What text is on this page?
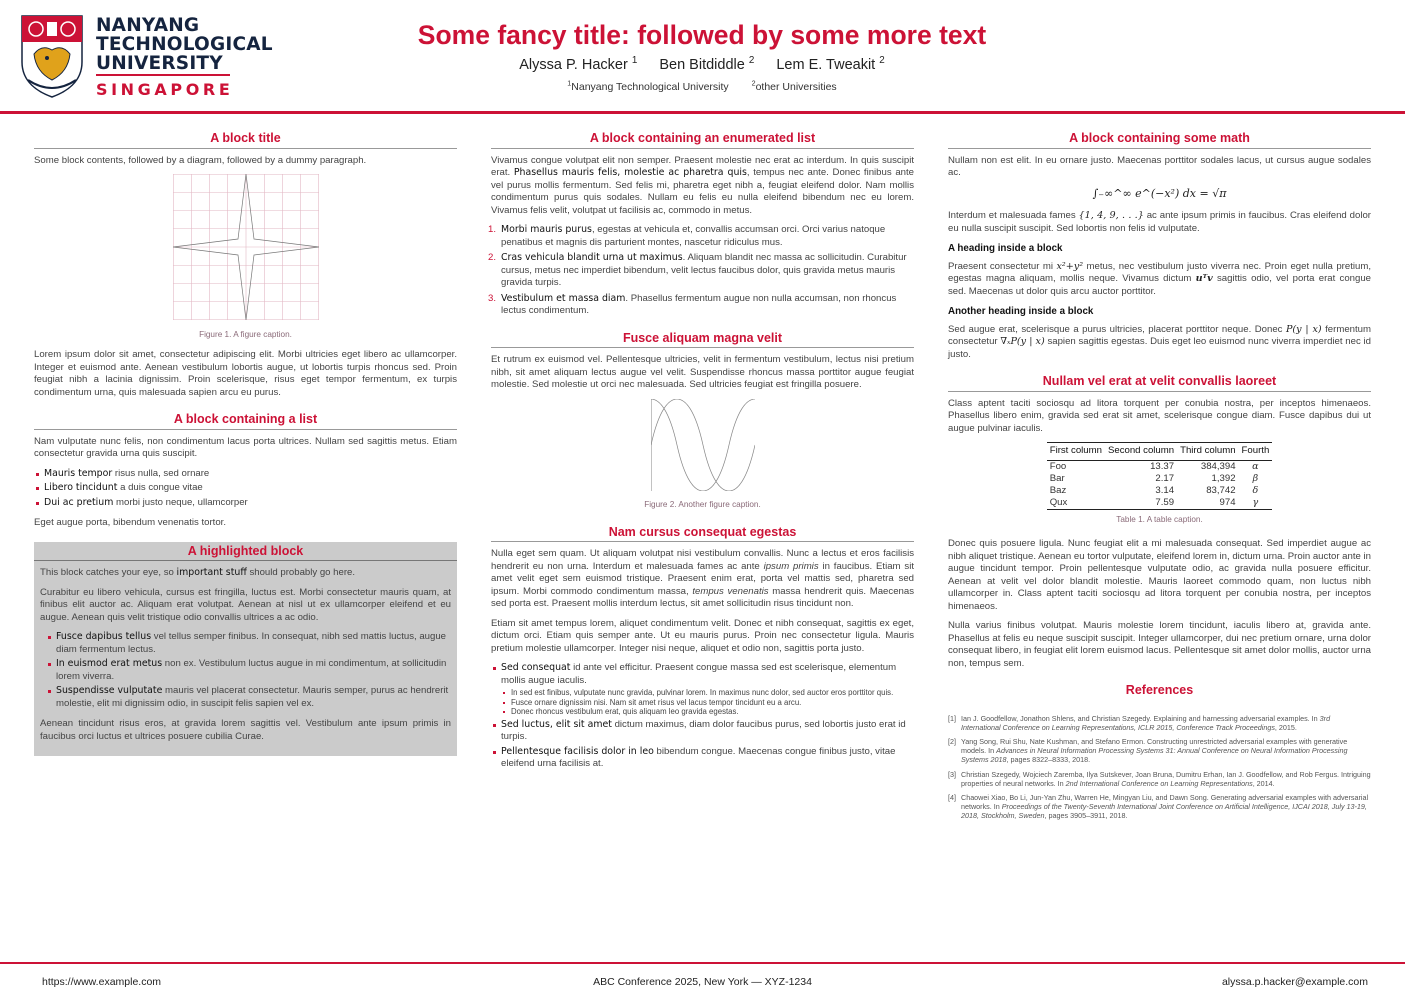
NANYANG
TECHNOLOGICAL
UNIVERSITY
SINGAPORE
Some fancy title: followed by some more text
Alyssa P. Hacker $^1$ Ben Bitdiddle $^2$ Lem E. Tweakit $^2$
$^1$Nanyang Technological University	$^2$other Universities
A block title

Some block contents, followed by a diagram, followed by a dummy paragraph.

Figure 1. A figure caption.

Lorem ipsum dolor sit amet, consectetur adipiscing elit. Morbi ultricies eget libero ac ullamcorper. Integer et euismod ante. Aenean vestibulum lobortis augue, ut lobortis turpis rhoncus sed. Proin feugiat nibh a lacinia dignissim. Proin scelerisque, risus eget tempor fermentum, ex turpis condimentum urna, quis malesuada sapien arcu eu purus.

A block containing a list

Nam vulputate nunc felis, non condimentum lacus porta ultrices. Nullam sed sagittis metus. Etiam consectetur gravida urna quis suscipit.

Mauris tempor risus nulla, sed ornare
Libero tincidunt a duis congue vitae
Dui ac pretium morbi justo neque, ullamcorper

Eget augue porta, bibendum venenatis tortor.

A highlighted block

This block catches your eye, so important stuff should probably go here.

Curabitur eu libero vehicula, cursus est fringilla, luctus est. Morbi consectetur mauris quam, at finibus elit auctor ac. Aliquam erat volutpat. Aenean at nisl ut ex ullamcorper eleifend et eu augue. Aenean quis velit tristique odio convallis ultrices a ac odio.

Fusce dapibus tellus vel tellus semper finibus. In consequat, nibh sed mattis luctus, augue diam fermentum lectus.
In euismod erat metus non ex. Vestibulum luctus augue in mi condimentum, at sollicitudin lorem viverra.
Suspendisse vulputate mauris vel placerat consectetur. Mauris semper, purus ac hendrerit molestie, elit mi dignissim odio, in suscipit felis sapien vel ex.

Aenean tincidunt risus eros, at gravida lorem sagittis vel. Vestibulum ante ipsum primis in faucibus orci luctus et ultrices posuere cubilia Curae.

A block containing an enumerated list

Vivamus congue volutpat elit non semper. Praesent molestie nec erat ac interdum. In quis suscipit erat. Phasellus mauris felis, molestie ac pharetra quis, tempus nec ante. Donec finibus ante vel purus mollis fermentum. Sed felis mi, pharetra eget nibh a, feugiat eleifend dolor. Nam mollis condimentum purus quis sodales. Nullam eu felis eu nulla eleifend bibendum nec eu lorem. Vivamus felis velit, volutpat ut facilisis ac, commodo in metus.

1. Morbi mauris purus, egestas at vehicula et, convallis accumsan orci. Orci varius natoque penatibus et magnis dis parturient montes, nascetur ridiculus mus.
2. Cras vehicula blandit urna ut maximus. Aliquam blandit nec massa ac sollicitudin. Curabitur cursus, metus nec imperdiet bibendum, velit lectus faucibus dolor, quis gravida metus mauris gravida turpis.
3. Vestibulum et massa diam. Phasellus fermentum augue non nulla accumsan, non rhoncus lectus condimentum.
Fusce aliquam magna velit

Et rutrum ex euismod vel. Pellentesque ultricies, velit in fermentum vestibulum, lectus nisi pretium nibh, sit amet aliquam lectus augue vel velit. Suspendisse rhoncus massa porttitor augue feugiat molestie. Sed molestie ut orci nec malesuada. Sed ultricies feugiat est fringilla posuere.

Figure 2. Another figure caption.
Nam cursus consequat egestas

Nulla eget sem quam. Ut aliquam volutpat nisi vestibulum convallis. Nunc a lectus et eros facilisis hendrerit eu non urna. Interdum et malesuada fames ac ante ipsum primis in faucibus. Etiam sit amet velit eget sem euismod tristique. Praesent enim erat, porta vel mattis sed, pharetra sed ipsum. Morbi commodo condimentum massa, tempus venenatis massa hendrerit quis. Maecenas sed porta est. Praesent mollis interdum lectus, sit amet sollicitudin risus tincidunt non.

Etiam sit amet tempus lorem, aliquet condimentum velit. Donec et nibh consequat, sagittis ex eget, dictum orci. Etiam quis semper ante. Ut eu mauris purus. Proin nec consectetur ligula. Mauris pretium molestie ullamcorper. Integer nisi neque, aliquet et odio non, sagittis porta justo.

Sed consequat id ante vel efficitur. Praesent congue massa sed est scelerisque, elementum mollis augue iaculis.
In sed est finibus, vulputate nunc gravida, pulvinar lorem. In maximus nunc dolor, sed auctor eros porttitor quis.
Fusce ornare dignissim nisi. Nam sit amet risus vel lacus tempor tincidunt eu a arcu.
Donec rhoncus vestibulum erat, quis aliquam leo gravida egestas.
Sed luctus, elit sit amet dictum maximus, diam dolor faucibus purus, sed lobortis justo erat id turpis.
Pellentesque facilisis dolor in leo bibendum congue. Maecenas congue finibus justo, vitae eleifend urna facilisis at.
A block containing some math

Nullam non est elit. In eu ornare justo. Maecenas porttitor sodales lacus, ut cursus augue sodales ac.

∫₋∞^∞ e^(−x²) dx = √π

Interdum et malesuada fames {1, 4, 9, . . .} ac ante ipsum primis in faucibus. Cras eleifend dolor eu nulla suscipit suscipit. Sed lobortis non felis id vulputate.

A heading inside a block

Praesent consectetur mi x²+y² metus, nec vestibulum justo viverra nec. Proin eget nulla pretium, egestas magna aliquam, mollis neque. Vivamus dictum uᵀv sagittis odio, vel porta erat congue sed. Maecenas ut dolor quis arcu auctor porttitor.

Another heading inside a block

Sed augue erat, scelerisque a purus ultricies, placerat porttitor neque. Donec P(y | x) fermentum consectetur ∇ₓP(y | x) sapien sagittis egestas. Duis eget leo euismod nunc viverra imperdiet nec id justo.

Nullam vel erat at velit convallis laoreet

Class aptent taciti sociosqu ad litora torquent per conubia nostra, per inceptos himenaeos. Phasellus libero enim, gravida sed erat sit amet, scelerisque congue diam. Fusce dapibus dui ut augue pulvinar iaculis.

First column	Second column	Third column	Fourth
Foo	13.37	384,394	α
Bar	2.17	1,392	β
Baz	3.14	83,742	δ
Qux	7.59	974	γ
Table 1. A table caption.

Donec quis posuere ligula. Nunc feugiat elit a mi malesuada consequat. Sed imperdiet augue ac nibh aliquet tristique. Aenean eu tortor vulputate, eleifend lorem in, dictum urna. Proin auctor ante in augue tincidunt tempor. Proin pellentesque vulputate odio, ac gravida nulla posuere efficitur. Aenean at velit vel dolor blandit molestie. Mauris laoreet commodo quam, non luctus nibh ullamcorper in. Class aptent taciti sociosqu ad litora torquent per conubia nostra, per inceptos himenaeos.

Nulla varius finibus volutpat. Mauris molestie lorem tincidunt, iaculis libero at, gravida ante. Phasellus at felis eu neque suscipit suscipit. Integer ullamcorper, dui nec pretium ornare, urna dolor consequat libero, in feugiat elit lorem euismod lacus. Pellentesque sit amet dolor mollis, auctor urna non, tempus sem.

References
[1] Ian J. Goodfellow, Jonathon Shlens, and Christian Szegedy. Explaining and harnessing adversarial examples. In 3rd International Conference on Learning Representations, ICLR 2015, Conference Track Proceedings, 2015.
[2] Yang Song, Rui Shu, Nate Kushman, and Stefano Ermon. Constructing unrestricted adversarial examples with generative models. In Advances in Neural Information Processing Systems 31: Annual Conference on Neural Information Processing Systems 2018, pages 8322–8333, 2018.
[3] Christian Szegedy, Wojciech Zaremba, Ilya Sutskever, Joan Bruna, Dumitru Erhan, Ian J. Goodfellow, and Rob Fergus. Intriguing properties of neural networks. In 2nd International Conference on Learning Representations, 2014.
[4] Chaowei Xiao, Bo Li, Jun-Yan Zhu, Warren He, Mingyan Liu, and Dawn Song. Generating adversarial examples with adversarial networks. In Proceedings of the Twenty-Seventh International Joint Conference on Artificial Intelligence, IJCAI 2018, July 13-19, 2018, Stockholm, Sweden, pages 3905–3911, 2018.
https://www.example.com	ABC Conference 2025, New York — XYZ-1234	alyssa.p.hacker@example.com
